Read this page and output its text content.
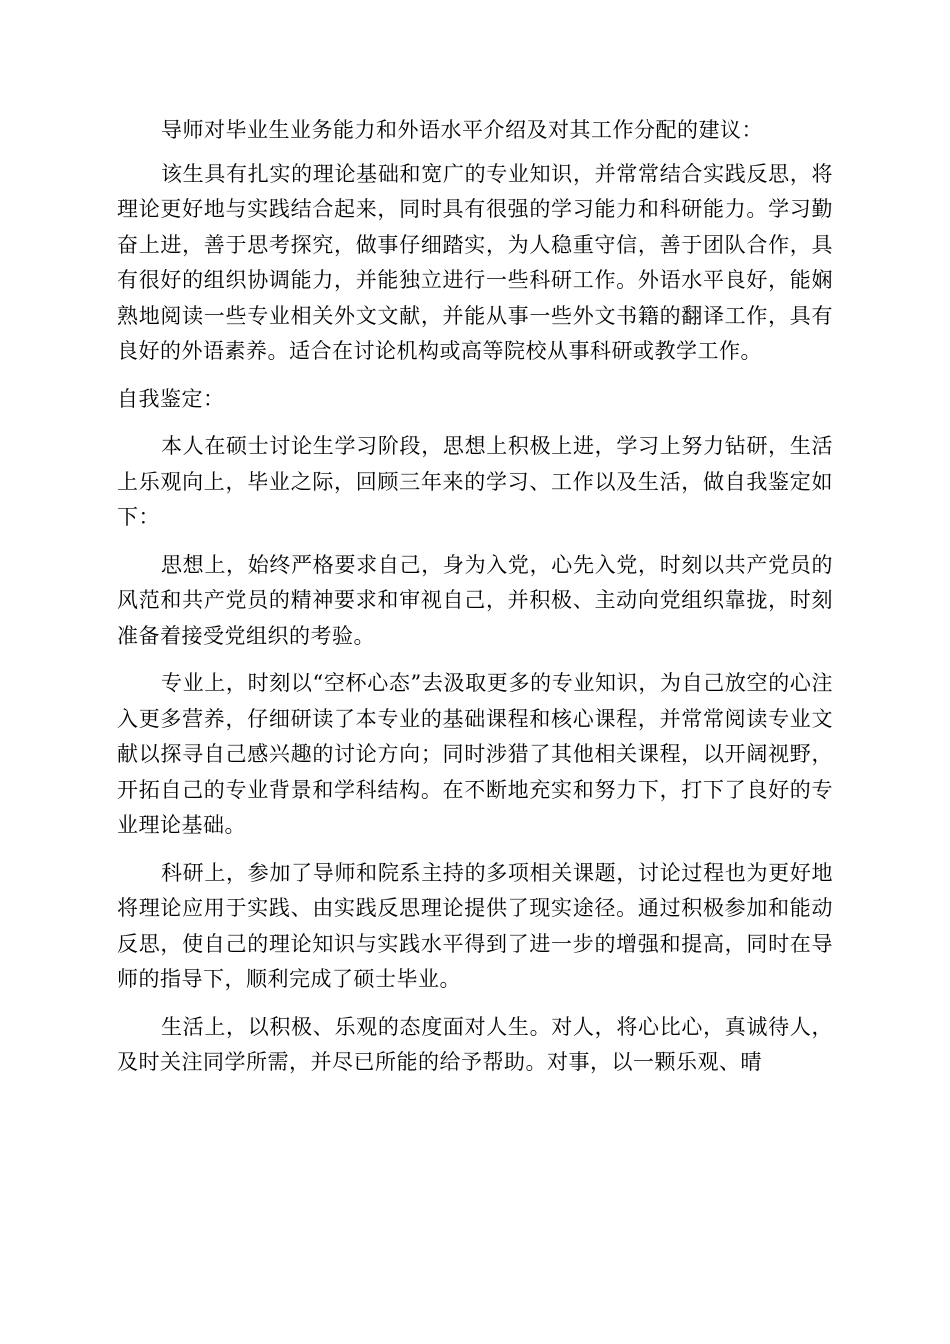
导师对毕业生业务能力和外语水平介绍及对其工作分配的建议：

该生具有扎实的理论基础和宽广的专业知识，并常常结合实践反思，将理论更好地与实践结合起来，同时具有很强的学习能力和科研能力。学习勤奋上进，善于思考探究，做事仔细踏实，为人稳重守信，善于团队合作，具有很好的组织协调能力，并能独立进行一些科研工作。外语水平良好，能娴熟地阅读一些专业相关外文文献，并能从事一些外文书籍的翻译工作，具有良好的外语素养。适合在讨论机构或高等院校从事科研或教学工作。

自我鉴定：

本人在硕士讨论生学习阶段，思想上积极上进，学习上努力钻研，生活上乐观向上，毕业之际，回顾三年来的学习、工作以及生活，做自我鉴定如下：

思想上，始终严格要求自己，身为入党，心先入党，时刻以共产党员的风范和共产党员的精神要求和审视自己，并积极、主动向党组织靠拢，时刻准备着接受党组织的考验。

专业上，时刻以“空杯心态”去汲取更多的专业知识，为自己放空的心注入更多营养，仔细研读了本专业的基础课程和核心课程，并常常阅读专业文献以探寻自己感兴趣的讨论方向；同时涉猎了其他相关课程，以开阔视野，开拓自己的专业背景和学科结构。在不断地充实和努力下，打下了良好的专业理论基础。

科研上，参加了导师和院系主持的多项相关课题，讨论过程也为更好地将理论应用于实践、由实践反思理论提供了现实途径。通过积极参加和能动反思，使自己的理论知识与实践水平得到了进一步的增强和提高，同时在导师的指导下，顺利完成了硕士毕业。

生活上，以积极、乐观的态度面对人生。对人，将心比心，真诚待人，及时关注同学所需，并尽已所能的给予帮助。对事，以一颗乐观、晴
